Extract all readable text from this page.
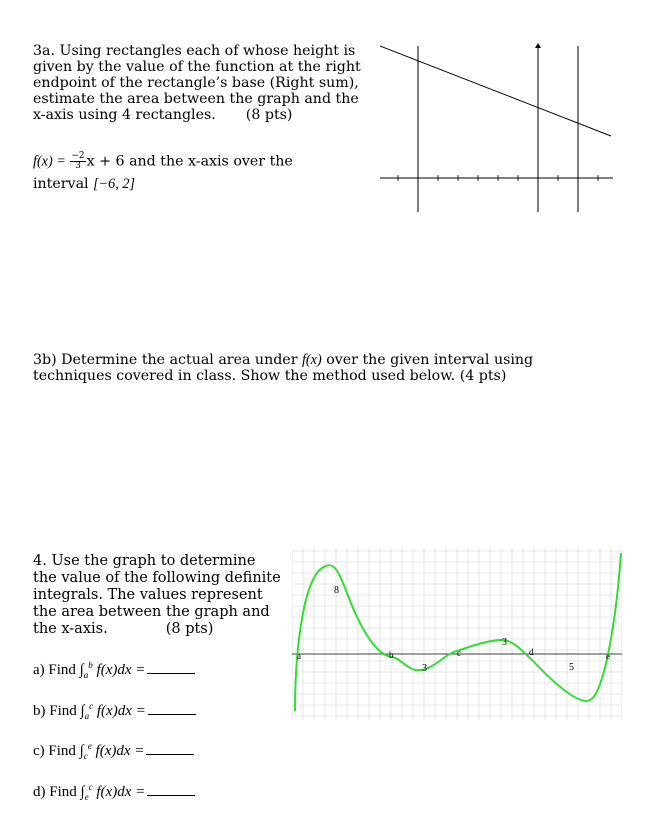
3a. Using rectangles each of whose height is
given by the value of the function at the right
endpoint of the rectangle’s base (Right sum),
estimate the area between the graph and the
x-axis using 4 rectangles. (8 pts)
$f(x) = \frac{-2}{3}$ x + 6 and the x-axis over the
interval [−6, 2]
3b) Determine the actual area under f(x) over the given interval using
techniques covered in class. Show the method used below. (4 pts)
4. Use the graph to determine
the value of the following definite
integrals. The values represent
the area between the graph and
the x-axis.	(8 pts)
a) Find $\int_a^b$ f(x)dx =
b) Find $\int_a^c$ f(x)dx =
c) Find $\int_c^e$ f(x)dx =
d) Find $\int_e^c$ f(x)dx =
a	b	c	d	e
8
3
3
5
